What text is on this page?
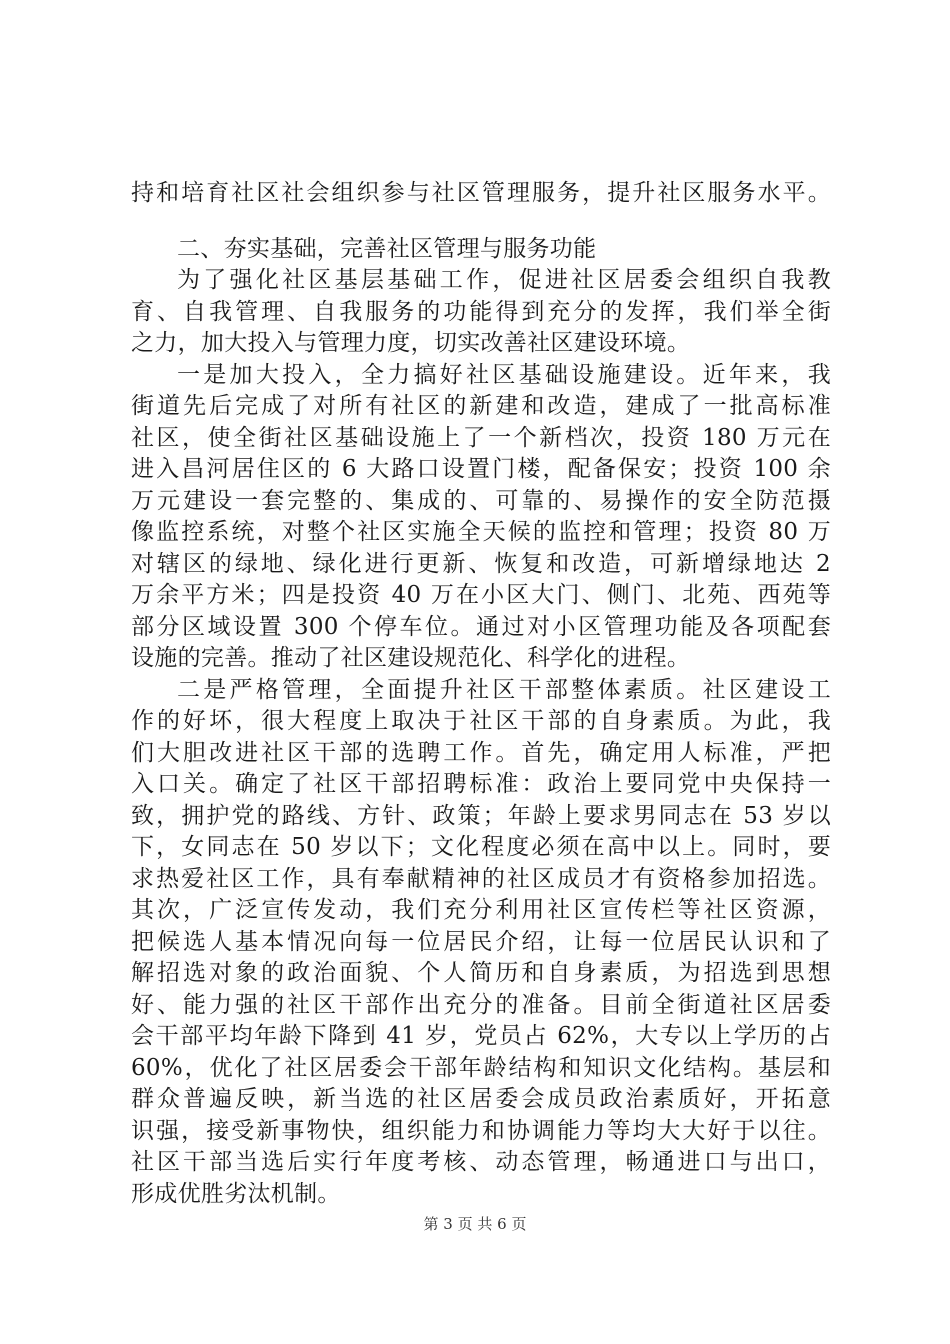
持和培育社区社会组织参与社区管理服务，提升社区服务水平。
二、夯实基础，完善社区管理与服务功能
为了强化社区基层基础工作，促进社区居委会组织自我教
育、自我管理、自我服务的功能得到充分的发挥，我们举全街
之力，加大投入与管理力度，切实改善社区建设环境。
一是加大投入，全力搞好社区基础设施建设。近年来，我
街道先后完成了对所有社区的新建和改造，建成了一批高标准
社区，使全街社区基础设施上了一个新档次，投资 180 万元在
进入昌河居住区的 6 大路口设置门楼，配备保安；投资 100 余
万元建设一套完整的、集成的、可靠的、易操作的安全防范摄
像监控系统，对整个社区实施全天候的监控和管理；投资 80 万
对辖区的绿地、绿化进行更新、恢复和改造，可新增绿地达 2
万余平方米；四是投资 40 万在小区大门、侧门、北苑、西苑等
部分区域设置 300 个停车位。通过对小区管理功能及各项配套
设施的完善。推动了社区建设规范化、科学化的进程。
二是严格管理，全面提升社区干部整体素质。社区建设工
作的好坏，很大程度上取决于社区干部的自身素质。为此，我
们大胆改进社区干部的选聘工作。首先，确定用人标准，严把
入口关。确定了社区干部招聘标准：政治上要同党中央保持一
致，拥护党的路线、方针、政策；年龄上要求男同志在 53 岁以
下，女同志在 50 岁以下；文化程度必须在高中以上。同时，要
求热爱社区工作，具有奉献精神的社区成员才有资格参加招选。
其次，广泛宣传发动，我们充分利用社区宣传栏等社区资源，
把候选人基本情况向每一位居民介绍，让每一位居民认识和了
解招选对象的政治面貌、个人简历和自身素质，为招选到思想
好、能力强的社区干部作出充分的准备。目前全街道社区居委
会干部平均年龄下降到 41 岁，党员占 62%，大专以上学历的占
60%，优化了社区居委会干部年龄结构和知识文化结构。基层和
群众普遍反映，新当选的社区居委会成员政治素质好，开拓意
识强，接受新事物快，组织能力和协调能力等均大大好于以往。
社区干部当选后实行年度考核、动态管理，畅通进口与出口，
形成优胜劣汰机制。
第 3 页 共 6 页
